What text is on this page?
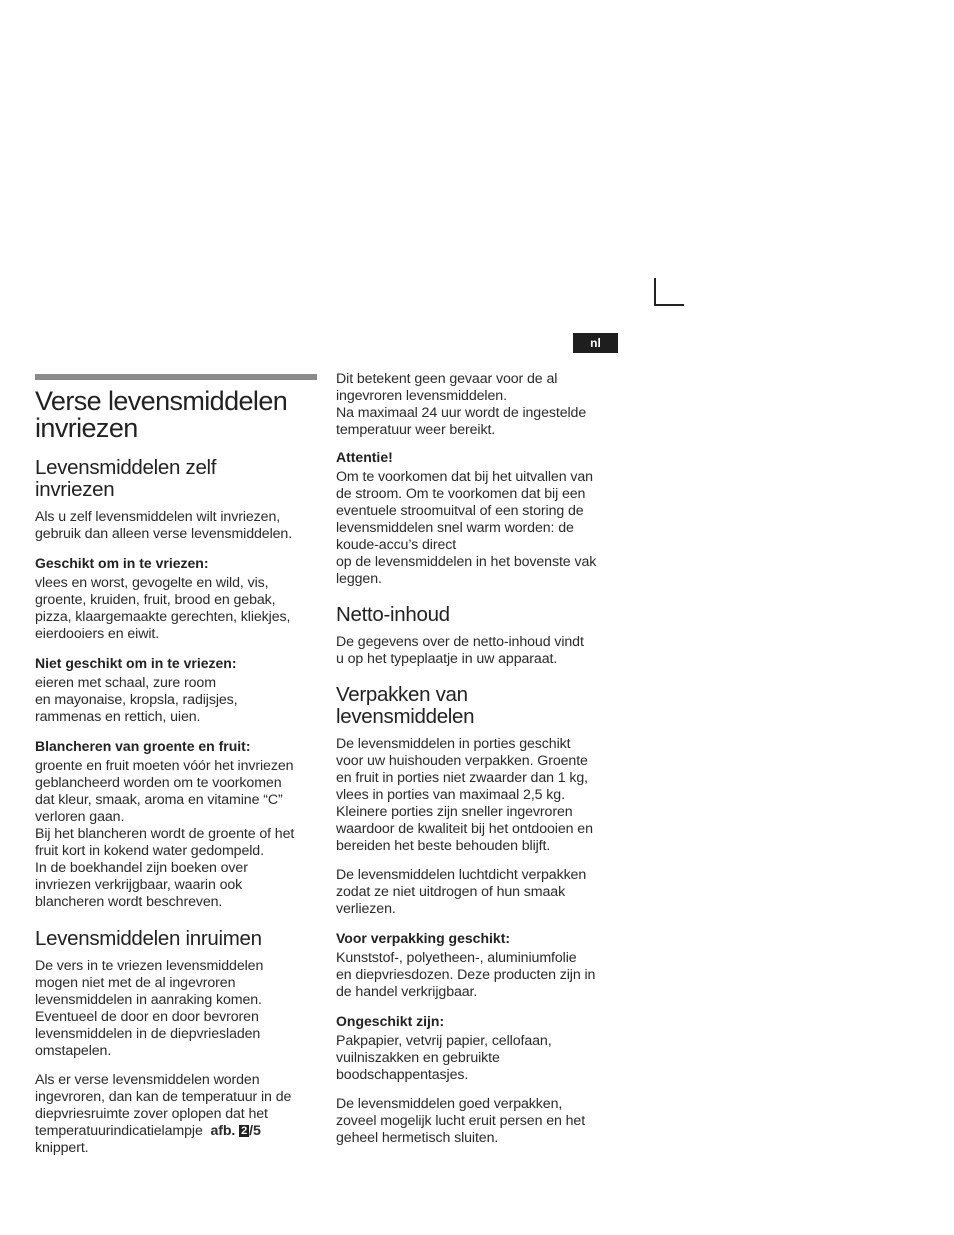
nl
Verse levensmiddelen
invriezen
Levensmiddelen zelf
invriezen

Als u zelf levensmiddelen wilt invriezen,
gebruik dan alleen verse levensmiddelen.

Geschikt om in te vriezen:

vlees en worst, gevogelte en wild, vis,
groente, kruiden, fruit, brood en gebak,
pizza, klaargemaakte gerechten, kliekjes,
eierdooiers en eiwit.

Niet geschikt om in te vriezen:

eieren met schaal, zure room
en mayonaise, kropsla, radijsjes,
rammenas en rettich, uien.

Blancheren van groente en fruit:

groente en fruit moeten vóór het invriezen
geblancheerd worden om te voorkomen
dat kleur, smaak, aroma en vitamine “C”
verloren gaan.
Bij het blancheren wordt de groente of het
fruit kort in kokend water gedompeld.
In de boekhandel zijn boeken over
invriezen verkrijgbaar, waarin ook
blancheren wordt beschreven.

Levensmiddelen inruimen

De vers in te vriezen levensmiddelen
mogen niet met de al ingevroren
levensmiddelen in aanraking komen.
Eventueel de door en door bevroren
levensmiddelen in de diepvriesladen
omstapelen.

Als er verse levensmiddelen worden
ingevroren, dan kan de temperatuur in de
diepvriesruimte zover oplopen dat het
temperatuurindicatielampje afb. 2 /5
knippert.

Dit betekent geen gevaar voor de al
ingevroren levensmiddelen.
Na maximaal 24 uur wordt de ingestelde
temperatuur weer bereikt.

Attentie!

Om te voorkomen dat bij het uitvallen van
de stroom. Om te voorkomen dat bij een
eventuele stroomuitval of een storing de
levensmiddelen snel warm worden: de
koude-accu’s direct
op de levensmiddelen in het bovenste vak
leggen.

Netto-inhoud

De gegevens over de netto-inhoud vindt
u op het typeplaatje in uw apparaat.

Verpakken van
levensmiddelen

De levensmiddelen in porties geschikt
voor uw huishouden verpakken. Groente
en fruit in porties niet zwaarder dan 1 kg,
vlees in porties van maximaal 2,5 kg.
Kleinere porties zijn sneller ingevroren
waardoor de kwaliteit bij het ontdooien en
bereiden het beste behouden blijft.

De levensmiddelen luchtdicht verpakken
zodat ze niet uitdrogen of hun smaak
verliezen.

Voor verpakking geschikt:

Kunststof-, polyetheen-, aluminiumfolie
en diepvriesdozen. Deze producten zijn in
de handel verkrijgbaar.

Ongeschikt zijn:

Pakpapier, vetvrij papier, cellofaan,
vuilniszakken en gebruikte
boodschappentasjes.

De levensmiddelen goed verpakken,
zoveel mogelijk lucht eruit persen en het
geheel hermetisch sluiten.
